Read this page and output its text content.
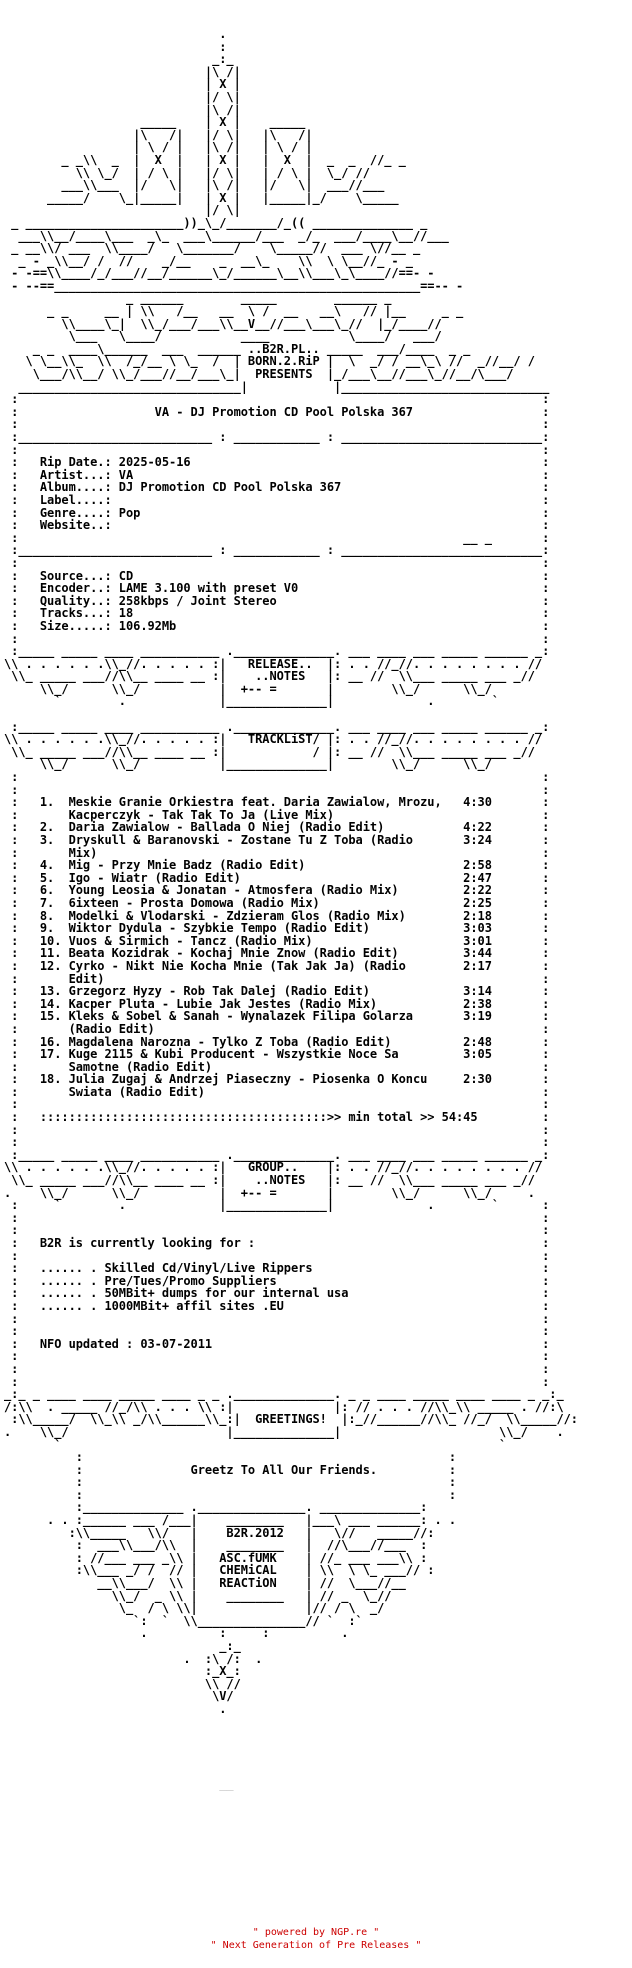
.
:
_:_
|\ /|
| X |
|/ \|
|\ /|
_____    | X |    _____
|\   /|   |/ \|   |\   /|
| \ / |   |\ /|   | \ / |
_ _\\  _  |  X  |   | X |   |  X  |  _  _  //_ _
\\ \_/  | / \ |   |/ \|   | / \ |  \_/ //
___\\___  |/   \|   |\ /|   |/   \|  ___//___
_____/    \_|_____|   | X |   |_____|_/    \_____
|/ \|
_ ______________________))_\_/_______/_(( ______________ _
___\\__/____\___  _\_  ___\______/___  _/_  ___/____\__//___
_ __\\/ ___  \\____/   \_______/    \_____//  ___ \//__ _
_ - _\\__/ /  //    _/__    _  __\_    \\  \ \__//_ - _
- -==\\____/_/___//__/______\_/______\__\\___\_\____//==- -
- --==___________________________________________________==-- -
_ ______        _____        ______ _
_ _     __ | \\   /__   __  \ /  __   __\   // |__     _ _
\\____\_|  \\_/___/___\\__V__//___\___\_//  |_/____//
\___   \____/           ____           \____/   ___/
_ _  ____\______  ___  ______ ..B2R.PL.. _____  ___/____  _ _
\ \__\\_  \\  /_/__ \ \_  /  | BORN.2.RiP |  \  _/ / __\_\ //  _//__/ /
\___/\\__/ \\_/___//__/___\_|  PRESENTS  |_/___\__//___\_//__/\___/
_______________________________|            |_____________________________
:                                                                         :
:                   VA - DJ Promotion CD Pool Polska 367                  :
:                                                                         :
:___________________________ : ____________ : ____________________________:
:                                                                         :
:   Rip Date.: 2025-05-16                                                 :
:   Artist...: VA                                                         :
:   Album....: DJ Promotion CD Pool Polska 367                            :
:   Label....:                                                            :
:   Genre....: Pop                                                        :
:   Website..:                                                            :
:                                                              __ _       :
:___________________________ : ____________ : ____________________________:
:                                                                         :
:   Source...: CD                                                         :
:   Encoder..: LAME 3.100 with preset V0                                  :
:   Quality..: 258kbps / Joint Stereo                                     :
:   Tracks...: 18                                                         :
:   Size.....: 106.92Mb                                                   :
:                                                                         :
:_____ _____ ____ ___________ .______________. ___ ____ ___ _____ ______ _:
\\ . . . . . .\\_//. . . . . :|   RELEASE..  |: . . //_//. . . . . . . . //
\\_ _____ ___//\\__ ____ __ :|    ..NOTES   |: __ //  \\___ _____ ___ _//
\\_/      \\_/           |  +-- =       |        \\_/      \\_/
`        .             |______________|             .        `

:_____ _____ ____ ___________ .______________. ___ ____ ___ _____ ______ _:
\\ . . . . . .\\_//. . . . . :|   TRACKLiST/ |: . . //_//. . . . . . . . //
\\_ _____ ___//\\__ ____ __ :|            / |: __ //  \\___ _____ ___ _//
\\_/      \\_/           |______________|        \\_/      \\_/
:                                                                         :
:                                                                         :
:   1.  Meskie Granie Orkiestra feat. Daria Zawialow, Mrozu,   4:30       :
:       Kacperczyk - Tak Tak To Ja (Live Mix)                             :
:   2.  Daria Zawialow - Ballada O Niej (Radio Edit)           4:22       :
:   3.  Dryskull & Baranovski - Zostane Tu Z Toba (Radio       3:24       :
:       Mix)                                                              :
:   4.  Mig - Przy Mnie Badz (Radio Edit)                      2:58       :
:   5.  Igo - Wiatr (Radio Edit)                               2:47       :
:   6.  Young Leosia & Jonatan - Atmosfera (Radio Mix)         2:22       :
:   7.  6ixteen - Prosta Domowa (Radio Mix)                    2:25       :
:   8.  Modelki & Vlodarski - Zdzieram Glos (Radio Mix)        2:18       :
:   9.  Wiktor Dydula - Szybkie Tempo (Radio Edit)             3:03       :
:   10. Vuos & Sirmich - Tancz (Radio Mix)                     3:01       :
:   11. Beata Kozidrak - Kochaj Mnie Znow (Radio Edit)         3:44       :
:   12. Cyrko - Nikt Nie Kocha Mnie (Tak Jak Ja) (Radio        2:17       :
:       Edit)                                                             :
:   13. Grzegorz Hyzy - Rob Tak Dalej (Radio Edit)             3:14       :
:   14. Kacper Pluta - Lubie Jak Jestes (Radio Mix)            2:38       :
:   15. Kleks & Sobel & Sanah - Wynalazek Filipa Golarza       3:19       :
:       (Radio Edit)                                                      :
:   16. Magdalena Narozna - Tylko Z Toba (Radio Edit)          2:48       :
:   17. Kuge 2115 & Kubi Producent - Wszystkie Noce Sa         3:05       :
:       Samotne (Radio Edit)                                              :
:   18. Julia Zugaj & Andrzej Piaseczny - Piosenka O Koncu     2:30       :
:       Swiata (Radio Edit)                                               :
:                                                                         :
:   ::::::::::::::::::::::::::::::::::::::::>> min total >> 54:45         :
:                                                                         :
:                                                                         :
:_____ _____ ____ ___________ .______________. ___ ____ ___ _____ ______ _:
\\ . . . . . .\\_//. . . . . :|   GROUP..    |: . . //_//. . . . . . . . //
\\_ _____ ___//\\__ ____ __ :|    ..NOTES   |: __ //  \\___ _____ ___ _//
.    \\_/      \\_/           |  +-- =       |        \\_/      \\_/     .
:     `        .             |______________|             .        `      :
:                                                                         :
:                                                                         :
:   B2R is currently looking for :                                        :
:                                                                         :
:   ...... . Skilled Cd/Vinyl/Live Rippers                                :
:   ...... . Pre/Tues/Promo Suppliers                                     :
:   ...... . 50MBit+ dumps for our internal usa                           :
:   ...... . 1000MBit+ affil sites .EU                                    :
:                                                                         :
:                                                                         :
:   NFO updated : 03-07-2011                                              :
:                                                                         :
:                                                                         :
:                                                                         :
_:_ _ ____ ____ _____ ____ _ _ .______________. _ _ ____ _____ ____ ____ _ _:_
/:\\  . _____ //_/\\ . . . \\ :|              |: // . . . //\\_\\ _____ . //:\
:\\_____/  \\_\\ _/\\______\\_:|  GREETINGS!  |:_//______//\\_ //_/  \\_____//:
.    \\_/                      |______________|                      \\_/    .
`                                                             `
:                                                   :
:               Greetz To All Our Friends.          :
:                                                   :
:                                                   :
:______________ ._______________. ______________:
. . :______ ___ /___|    ________   |___\ ___ ______: . .
:\\_____   \\/   |    B2R.2012   |   \//   _____//:
:  ___\\___/\\  |    ________   |  //\___//___  :
: //___ ___ _\\ |   ASC.fUMK    | //_ ___ ___\\ :
:\\___ _/ /  // |   CHEMiCAL    | \\  \ \_ ___// :
__\\___/  \\ |   REACTiON    | //  \___//__
\\_/  _ \\ |    ________   | // _  \_//
\_  / \ \\|               |// / \  _/
`:  `  \\_______________// `  :`
.          :     :          .
_:_
.  :\ /:  .
:_X_:
\\ //
\V/
.

__

" powered by NGP.re "
" Next Generation of Pre Releases "
